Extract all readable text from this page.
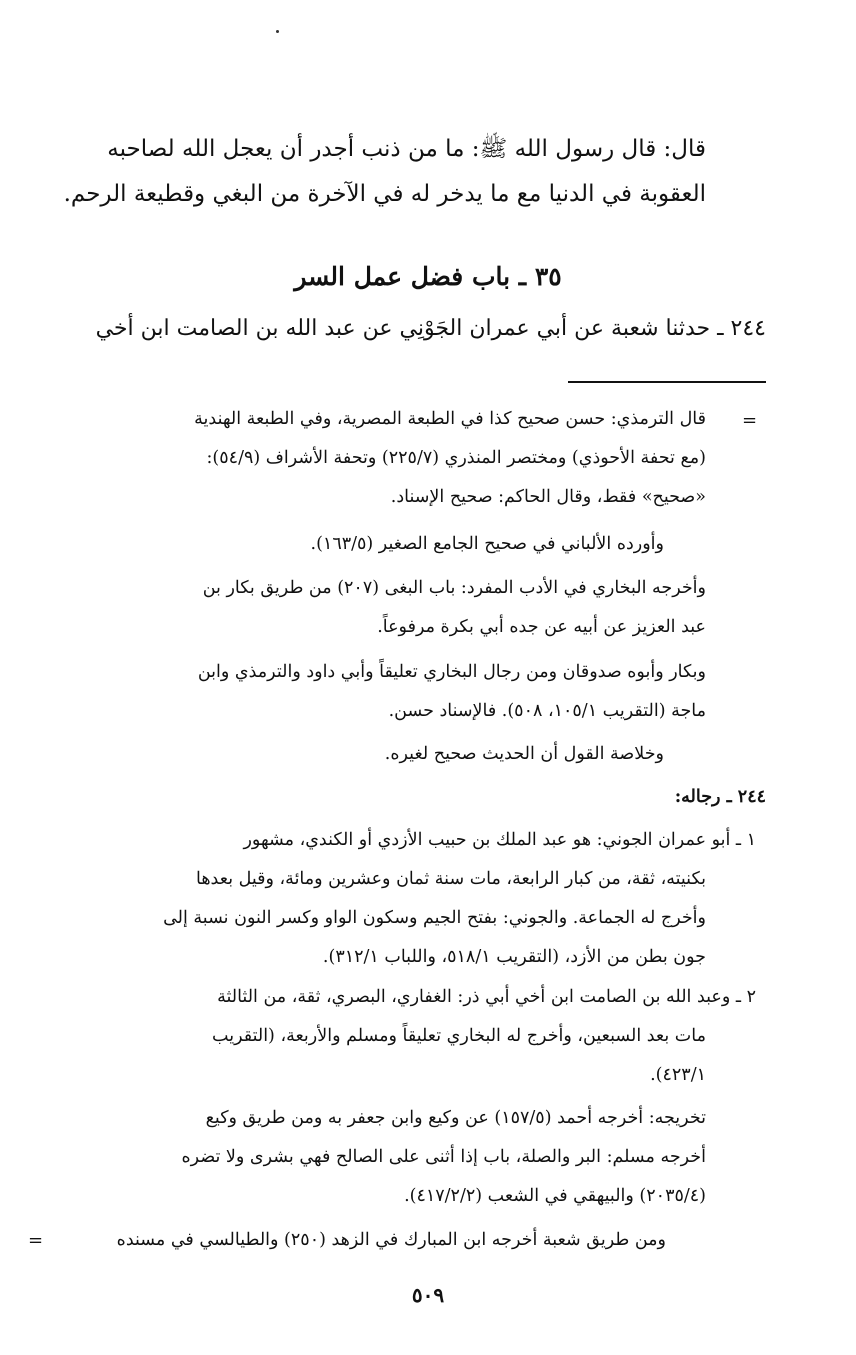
قال: قال رسول الله ﷺ: ما من ذنب أجدر أن يعجل الله لصاحبه
العقوبة في الدنيا مع ما يدخر له في الآخرة من البغي وقطيعة الرحم.
٣٥ ـ باب فضل عمل السر
٢٤٤ ـ حدثنا شعبة عن أبي عمران الجَوْنِي عن عبد الله بن الصامت ابن أخي
=
قال الترمذي: حسن صحيح كذا في الطبعة المصرية، وفي الطبعة الهندية
(مع تحفة الأحوذي) ومختصر المنذري (٢٢٥/٧) وتحفة الأشراف (٥٤/٩):
«صحيح» فقط، وقال الحاكم: صحيح الإسناد.
وأورده الألباني في صحيح الجامع الصغير (١٦٣/٥).
وأخرجه البخاري في الأدب المفرد: باب البغى (٢٠٧) من طريق بكار بن
عبد العزيز عن أبيه عن جده أبي بكرة مرفوعاً.
وبكار وأبوه صدوقان ومن رجال البخاري تعليقاً وأبي داود والترمذي وابن
ماجة (التقريب ١٠٥/١، ٥٠٨). فالإسناد حسن.
وخلاصة القول أن الحديث صحيح لغيره.
٢٤٤ ـ رجاله:
١ ـ أبو عمران الجوني: هو عبد الملك بن حبيب الأزدي أو الكندي، مشهور
بكنيته، ثقة، من كبار الرابعة، مات سنة ثمان وعشرين ومائة، وقيل بعدها
وأخرج له الجماعة. والجوني: بفتح الجيم وسكون الواو وكسر النون نسبة إلى
جون بطن من الأزد، (التقريب ٥١٨/١، واللباب ٣١٢/١).
٢ ـ وعبد الله بن الصامت ابن أخي أبي ذر: الغفاري، البصري، ثقة، من الثالثة
مات بعد السبعين، وأخرج له البخاري تعليقاً ومسلم والأربعة، (التقريب
٤٢٣/١).
تخريجه: أخرجه أحمد (١٥٧/٥) عن وكيع وابن جعفر به ومن طريق وكيع
أخرجه مسلم: البر والصلة، باب إذا أثنى على الصالح فهي بشرى ولا تضره
(٢٠٣٥/٤) والبيهقي في الشعب (٤١٧/٢/٢).
ومن طريق شعبة أخرجه ابن المبارك في الزهد (٢٥٠) والطيالسي في مسنده
=
٥٠٩
